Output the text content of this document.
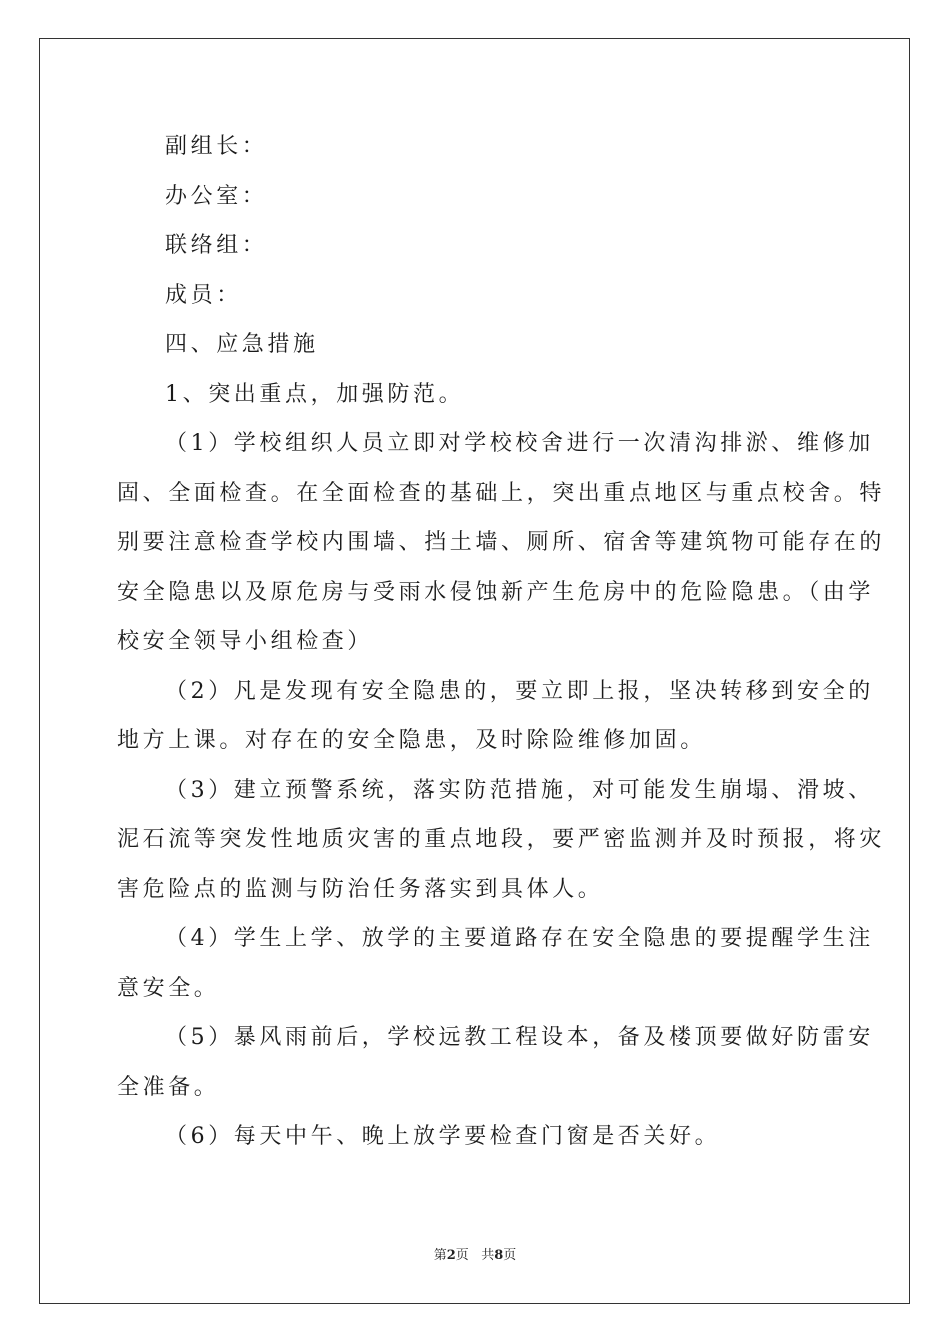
副组长：
办公室：
联络组：
成员：
四、应急措施
1、突出重点，加强防范。
（1）学校组织人员立即对学校校舍进行一次清沟排淤、维修加
固、全面检查。在全面检查的基础上，突出重点地区与重点校舍。特
别要注意检查学校内围墙、挡土墙、厕所、宿舍等建筑物可能存在的
安全隐患以及原危房与受雨水侵蚀新产生危房中的危险隐患。（由学
校安全领导小组检查）
（2）凡是发现有安全隐患的，要立即上报，坚决转移到安全的
地方上课。对存在的安全隐患，及时除险维修加固。
（3）建立预警系统，落实防范措施，对可能发生崩塌、滑坡、
泥石流等突发性地质灾害的重点地段，要严密监测并及时预报，将灾
害危险点的监测与防治任务落实到具体人。
（4）学生上学、放学的主要道路存在安全隐患的要提醒学生注
意安全。
（5）暴风雨前后，学校远教工程设本，备及楼顶要做好防雷安
全准备。
（6）每天中午、晚上放学要检查门窗是否关好。
第2页 共8页
